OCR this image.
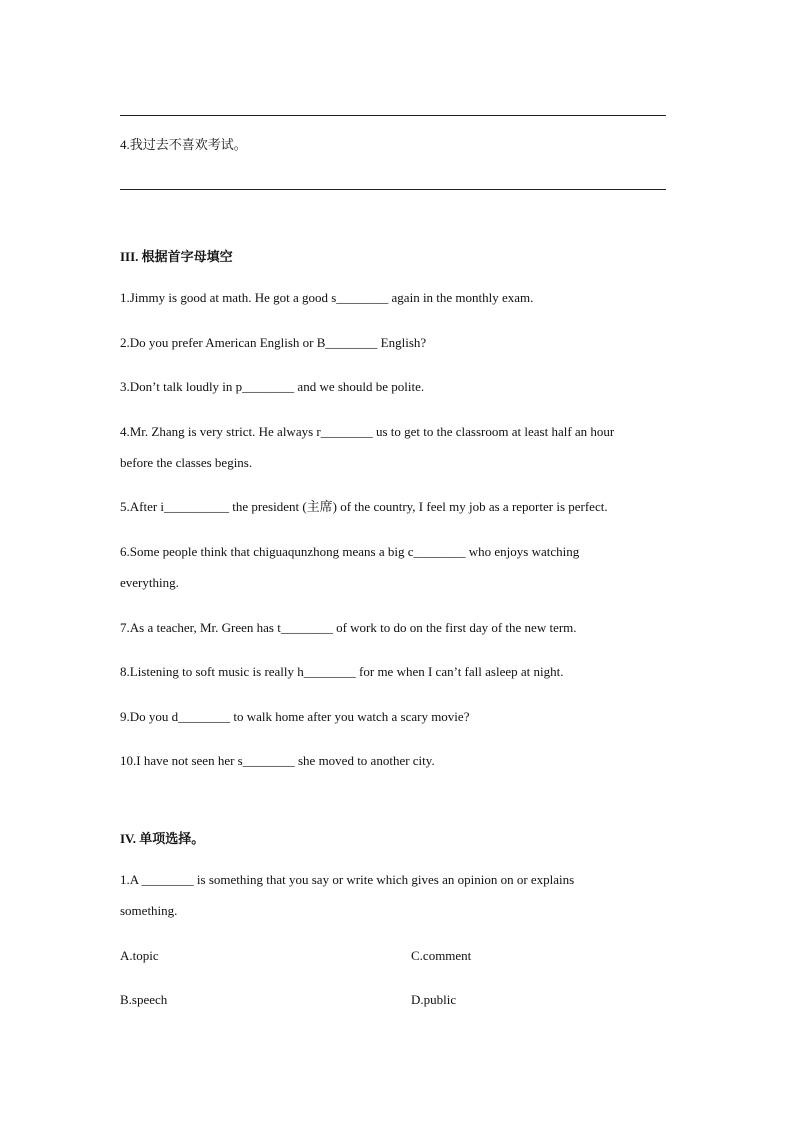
4.我过去不喜欢考试。
III. 根据首字母填空
1.Jimmy is good at math. He got a good s________ again in the monthly exam.
2.Do you prefer American English or B________ English?
3.Don’t talk loudly in p________ and we should be polite.
4.Mr. Zhang is very strict. He always r________ us to get to the classroom at least half an hour
before the classes begins.
5.After i__________ the president (主席) of the country, I feel my job as a reporter is perfect.
6.Some people think that chiguaqunzhong means a big c________ who enjoys watching
everything.
7.As a teacher, Mr. Green has t________ of work to do on the first day of the new term.
8.Listening to soft music is really h________ for me when I can’t fall asleep at night.
9.Do you d________ to walk home after you watch a scary movie?
10.I have not seen her s________ she moved to another city.
IV. 单项选择。
1.A ________ is something that you say or write which gives an opinion on or explains
something.
A.topic	C.comment
B.speech	D.public
